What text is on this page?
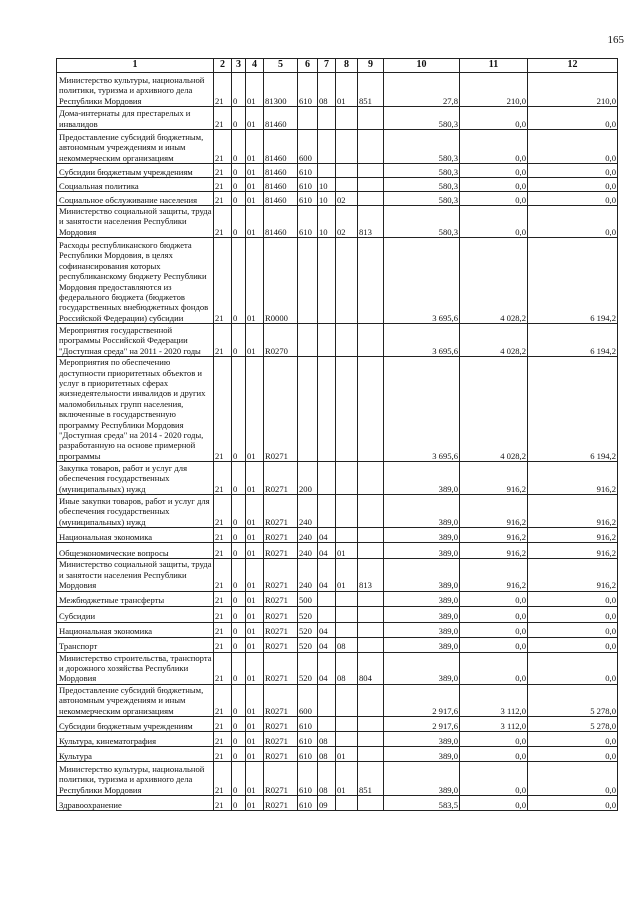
165
1	2	3	4	5	6	7	8	9	10	11	12
Министерство культуры, национальной политики, туризма и архивного дела Республики Мордовия	21	0	01	81300	610	08	01	851	27,8	210,0	210,0
Дома-интернаты для престарелых и инвалидов	21	0	01	81460					580,3	0,0	0,0
Предоставление субсидий бюджетным, автономным учреждениям и иным некоммерческим организациям	21	0	01	81460	600				580,3	0,0	0,0
Субсидии бюджетным учреждениям	21	0	01	81460	610				580,3	0,0	0,0
Социальная политика	21	0	01	81460	610	10			580,3	0,0	0,0
Социальное обслуживание населения	21	0	01	81460	610	10	02		580,3	0,0	0,0
Министерство социальной защиты, труда и занятости населения Республики Мордовия	21	0	01	81460	610	10	02	813	580,3	0,0	0,0
Расходы республиканского бюджета Республики Мордовия, в целях софинансирования которых республиканскому бюджету Республики Мордовия предоставляются из федерального бюджета (бюджетов государственных внебюджетных фондов Российской Федерации) субсидии	21	0	01	R0000					3 695,6	4 028,2	6 194,2
Мероприятия государственной программы Российской Федерации "Доступная среда" на 2011 - 2020 годы	21	0	01	R0270					3 695,6	4 028,2	6 194,2
Мероприятия по обеспечению доступности приоритетных объектов и услуг в приоритетных сферах жизнедеятельности инвалидов и других маломобильных групп населения, включенные в государственную программу Республики Мордовия "Доступная среда" на 2014 - 2020 годы, разработанную на основе примерной программы	21	0	01	R0271					3 695,6	4 028,2	6 194,2
Закупка товаров, работ и услуг для обеспечения государственных (муниципальных) нужд	21	0	01	R0271	200				389,0	916,2	916,2
Иные закупки товаров, работ и услуг для обеспечения государственных (муниципальных) нужд	21	0	01	R0271	240				389,0	916,2	916,2
Национальная экономика	21	0	01	R0271	240	04			389,0	916,2	916,2
Общеэкономические вопросы	21	0	01	R0271	240	04	01		389,0	916,2	916,2
Министерство социальной защиты, труда и занятости населения Республики Мордовия	21	0	01	R0271	240	04	01	813	389,0	916,2	916,2
Межбюджетные трансферты	21	0	01	R0271	500				389,0	0,0	0,0
Субсидии	21	0	01	R0271	520				389,0	0,0	0,0
Национальная экономика	21	0	01	R0271	520	04			389,0	0,0	0,0
Транспорт	21	0	01	R0271	520	04	08		389,0	0,0	0,0
Министерство строительства, транспорта и дорожного хозяйства Республики Мордовия	21	0	01	R0271	520	04	08	804	389,0	0,0	0,0
Предоставление субсидий бюджетным, автономным учреждениям и иным некоммерческим организациям	21	0	01	R0271	600				2 917,6	3 112,0	5 278,0
Субсидии бюджетным учреждениям	21	0	01	R0271	610				2 917,6	3 112,0	5 278,0
Культура, кинематография	21	0	01	R0271	610	08			389,0	0,0	0,0
Культура	21	0	01	R0271	610	08	01		389,0	0,0	0,0
Министерство культуры, национальной политики, туризма и архивного дела Республики Мордовия	21	0	01	R0271	610	08	01	851	389,0	0,0	0,0
Здравоохранение	21	0	01	R0271	610	09			583,5	0,0	0,0
